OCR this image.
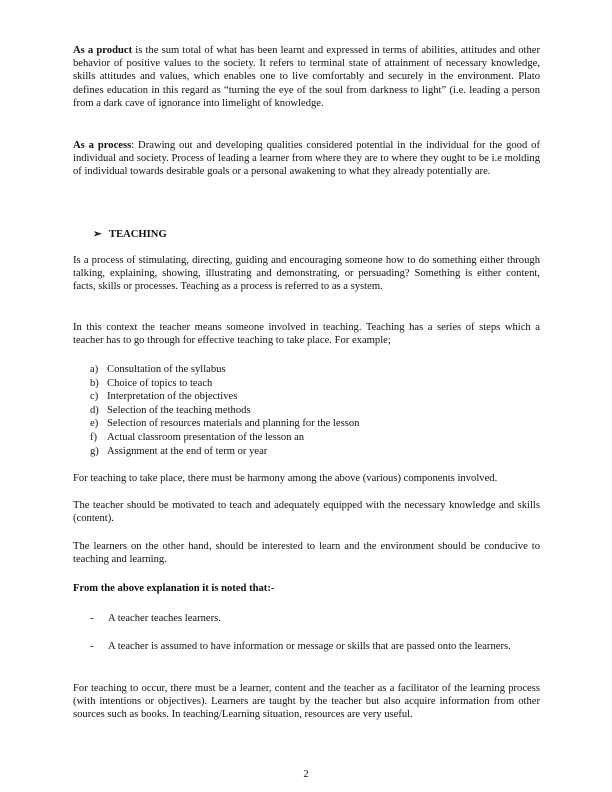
As a product is the sum total of what has been learnt and expressed in terms of abilities, attitudes and other behavior of positive values to the society. It refers to terminal state of attainment of necessary knowledge, skills attitudes and values, which enables one to live comfortably and securely in the environment. Plato defines education in this regard as “turning the eye of the soul from darkness to light” (i.e. leading a person from a dark cave of ignorance into limelight of knowledge.

As a process: Drawing out and developing qualities considered potential in the individual for the good of individual and society. Process of leading a learner from where they are to where they ought to be i.e molding of individual towards desirable goals or a personal awakening to what they already potentially are.

➢ TEACHING

Is a process of stimulating, directing, guiding and encouraging someone how to do something either through talking, explaining, showing, illustrating and demonstrating, or persuading? Something is either content, facts, skills or processes. Teaching as a process is referred to as a system.

In this context the teacher means someone involved in teaching. Teaching has a series of steps which a teacher has to go through for effective teaching to take place. For example;

a) Consultation of the syllabus
b) Choice of topics to teach
c) Interpretation of the objectives
d) Selection of the teaching methods
e) Selection of resources materials and planning for the lesson
f) Actual classroom presentation of the lesson an
g) Assignment at the end of term or year

For teaching to take place, there must be harmony among the above (various) components involved.

The teacher should be motivated to teach and adequately equipped with the necessary knowledge and skills (content).

The learners on the other hand, should be interested to learn and the environment should be conducive to teaching and learning.

From the above explanation it is noted that:-

- A teacher teaches learners.
- A teacher is assumed to have information or message or skills that are passed onto the learners.

For teaching to occur, there must be a learner, content and the teacher as a facilitator of the learning process (with intentions or objectives). Learners are taught by the teacher but also acquire information from other sources such as books. In teaching/Learning situation, resources are very useful.

2
